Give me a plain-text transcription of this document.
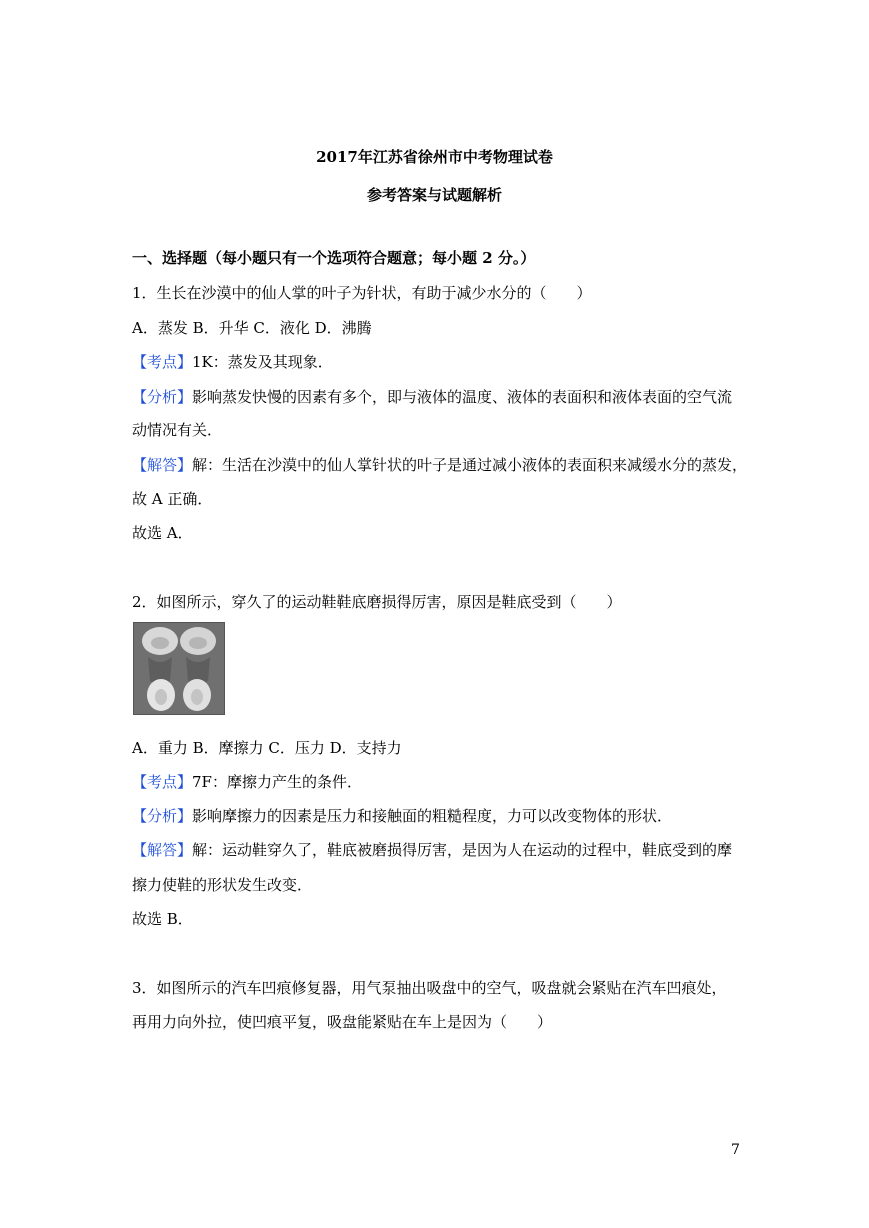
2017年江苏省徐州市中考物理试卷
参考答案与试题解析
一、选择题（每小题只有一个选项符合题意；每小题 2 分。）
1．生长在沙漠中的仙人掌的叶子为针状，有助于减少水分的（　　）
A．蒸发 B．升华 C．液化 D．沸腾
【考点】1K：蒸发及其现象．
【分析】影响蒸发快慢的因素有多个，即与液体的温度、液体的表面积和液体表面的空气流
动情况有关．
【解答】解：生活在沙漠中的仙人掌针状的叶子是通过减小液体的表面积来减缓水分的蒸发，
故 A 正确．
故选 A．
2．如图所示，穿久了的运动鞋鞋底磨损得厉害，原因是鞋底受到（　　）
A．重力 B．摩擦力 C．压力 D．支持力
【考点】7F：摩擦力产生的条件．
【分析】影响摩擦力的因素是压力和接触面的粗糙程度，力可以改变物体的形状．
【解答】解：运动鞋穿久了，鞋底被磨损得厉害，是因为人在运动的过程中，鞋底受到的摩
擦力使鞋的形状发生改变．
故选 B．
3．如图所示的汽车凹痕修复器，用气泵抽出吸盘中的空气，吸盘就会紧贴在汽车凹痕处，
再用力向外拉，使凹痕平复，吸盘能紧贴在车上是因为（　　）
7
